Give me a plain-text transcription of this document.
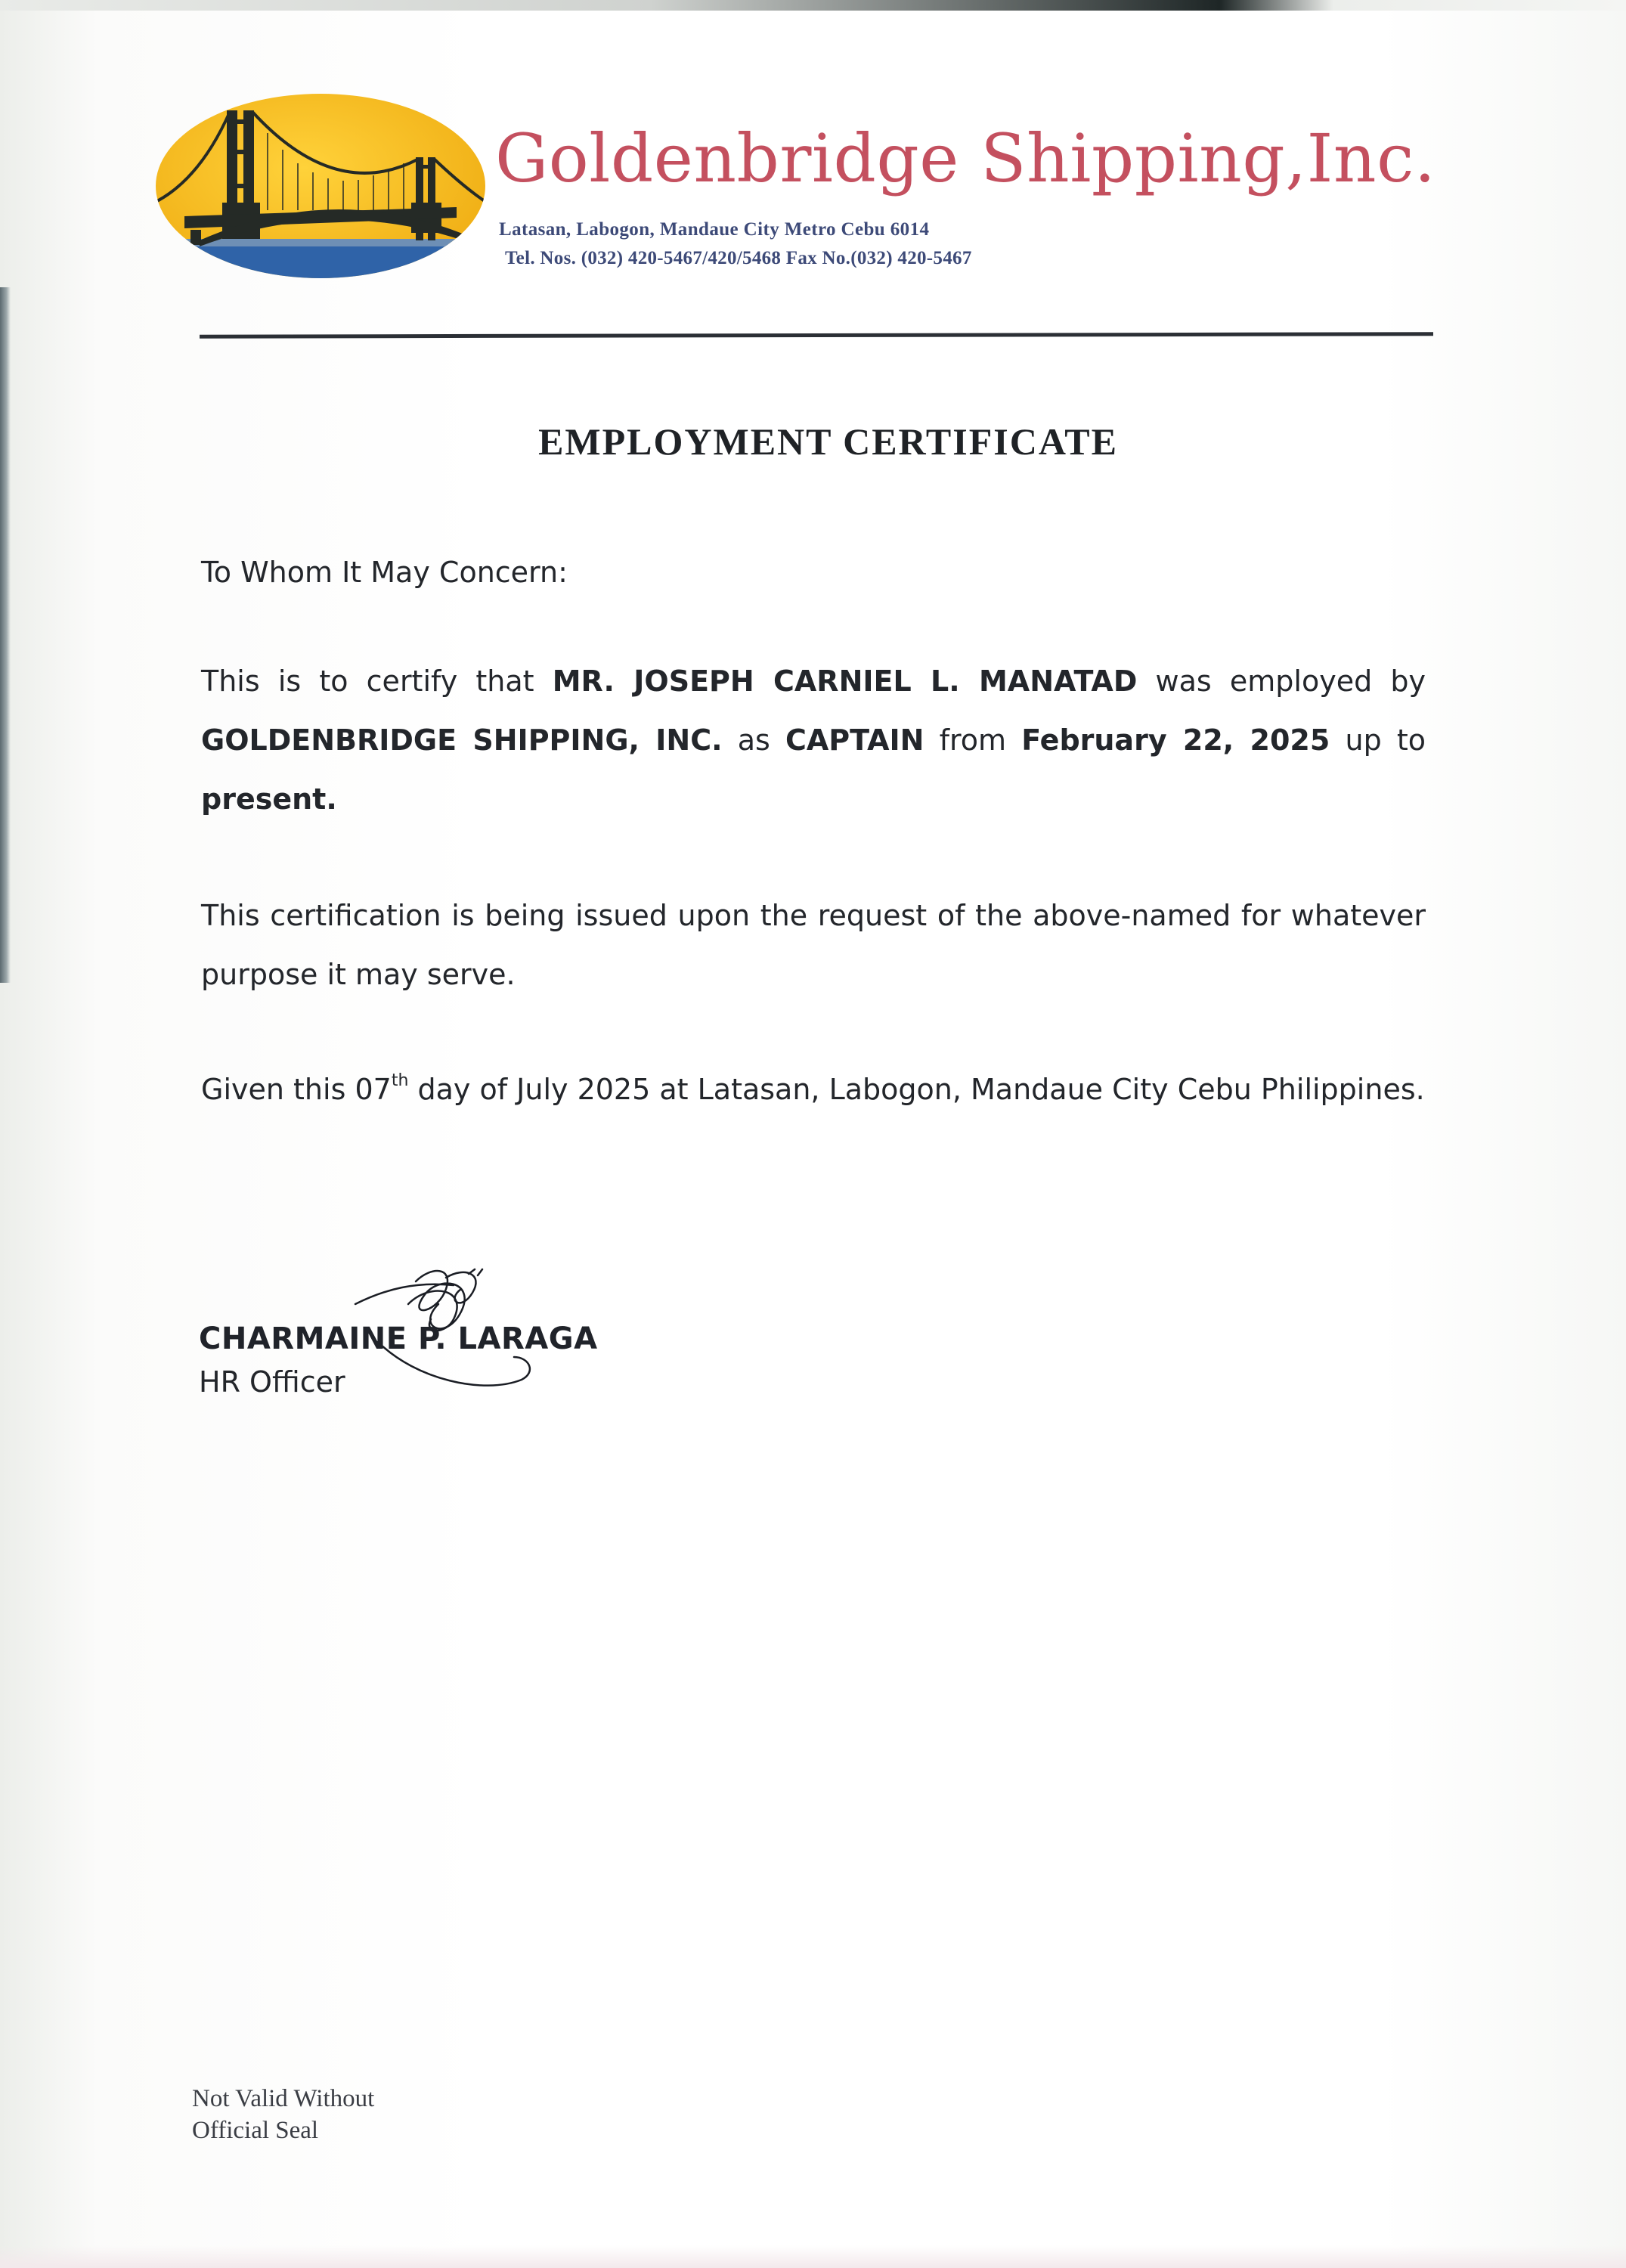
Goldenbridge Shipping,Inc.
Latasan, Labogon, Mandaue City Metro Cebu 6014
Tel. Nos. (032) 420-5467/420/5468 Fax No.(032) 420-5467
EMPLOYMENT CERTIFICATE
To Whom It May Concern:
This is to certify that MR. JOSEPH CARNIEL L. MANATAD was employed by GOLDENBRIDGE SHIPPING, INC. as CAPTAIN from February 22, 2025 up to present.
This certification is being issued upon the request of the above-named for whatever purpose it may serve.
Given this 07th day of July 2025 at Latasan, Labogon, Mandaue City Cebu Philippines.
CHARMAINE P. LARAGA
HR Officer
Not Valid Without
Official Seal
